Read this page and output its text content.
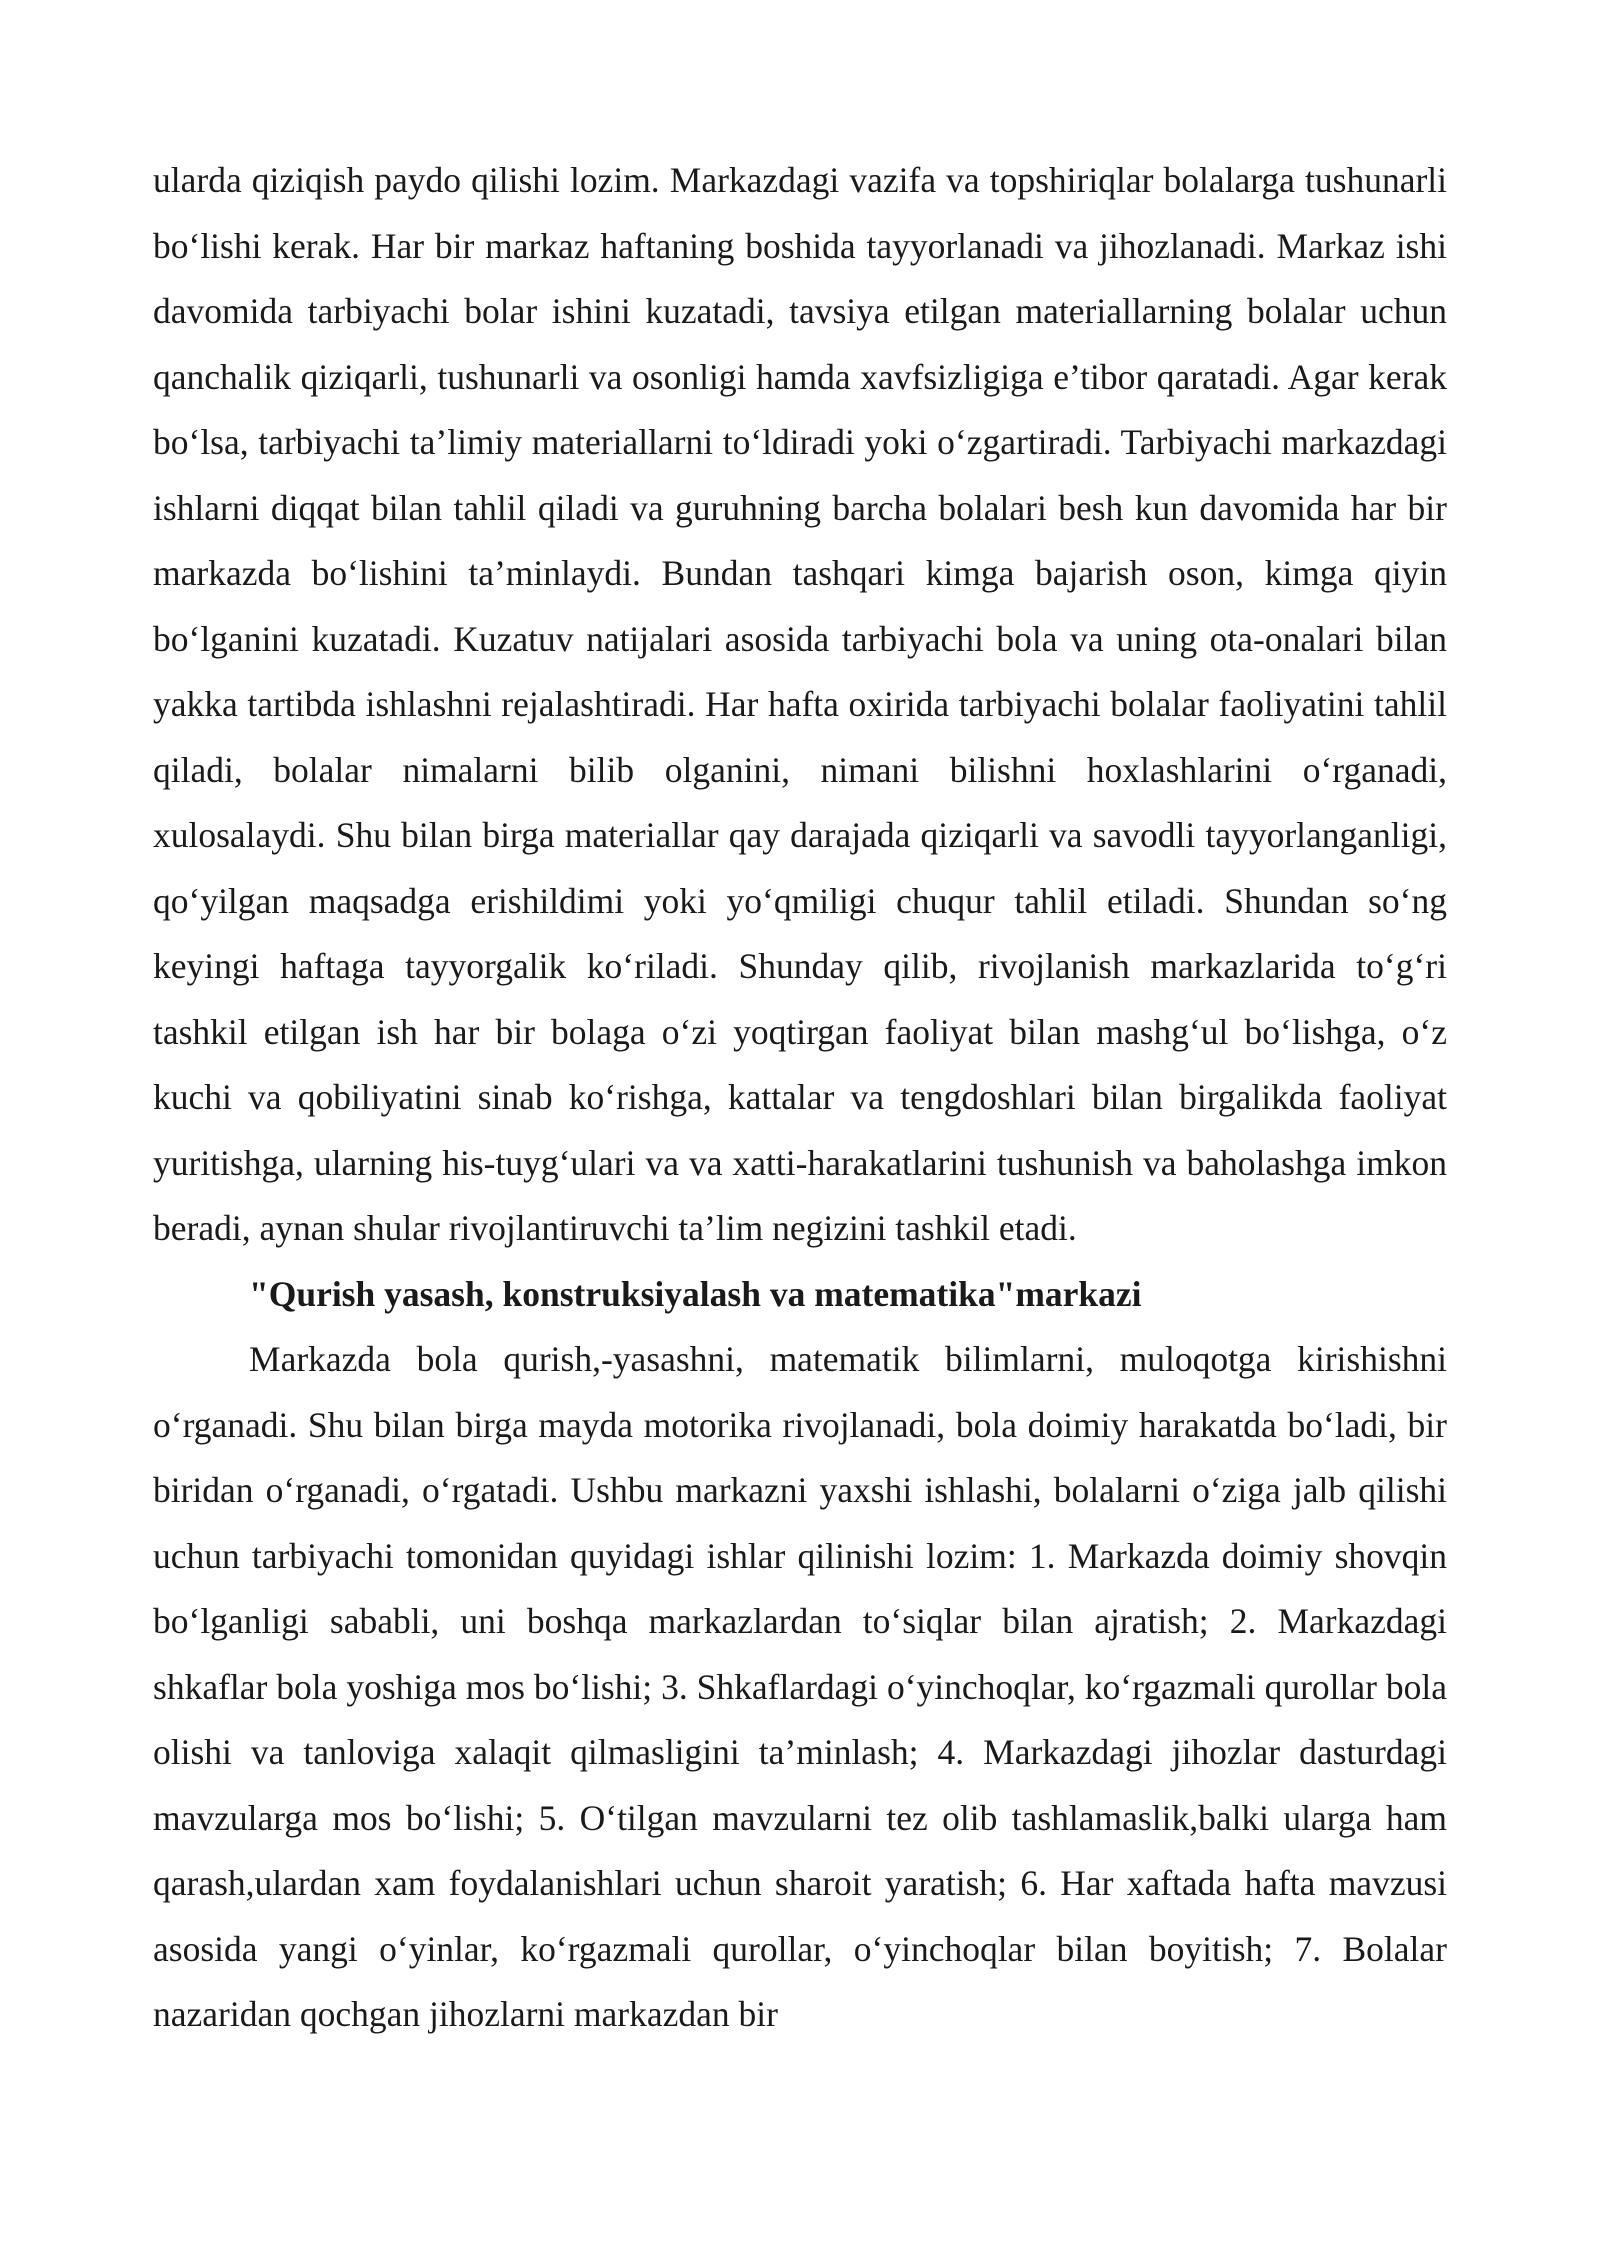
ularda qiziqish paydo qilishi lozim. Markazdagi vazifa va topshiriqlar bolalarga tushunarli bo‘lishi kerak. Har bir markaz haftaning boshida tayyorlanadi va jihozlanadi. Markaz ishi davomida tarbiyachi bolar ishini kuzatadi, tavsiya etilgan materiallarning bolalar uchun qanchalik qiziqarli, tushunarli va osonligi hamda xavfsizligiga e’tibor qaratadi. Agar kerak bo‘lsa, tarbiyachi ta’limiy materiallarni to‘ldiradi yoki o‘zgartiradi. Tarbiyachi markazdagi ishlarni diqqat bilan tahlil qiladi va guruhning barcha bolalari besh kun davomida har bir markazda bo‘lishini ta’minlaydi. Bundan tashqari kimga bajarish oson, kimga qiyin bo‘lganini kuzatadi. Kuzatuv natijalari asosida tarbiyachi bola va uning ota-onalari bilan yakka tartibda ishlashni rejalashtiradi. Har hafta oxirida tarbiyachi bolalar faoliyatini tahlil qiladi, bolalar nimalarni bilib olganini, nimani bilishni hoxlashlarini o‘rganadi, xulosalaydi. Shu bilan birga materiallar qay darajada qiziqarli va savodli tayyorlanganligi, qo‘yilgan maqsadga erishildimi yoki yo‘qmiligi chuqur tahlil etiladi. Shundan so‘ng keyingi haftaga tayyorgalik ko‘riladi. Shunday qilib, rivojlanish markazlarida to‘g‘ri tashkil etilgan ish har bir bolaga o‘zi yoqtirgan faoliyat bilan mashg‘ul bo‘lishga, o‘z kuchi va qobiliyatini sinab ko‘rishga, kattalar va tengdoshlari bilan birgalikda faoliyat yuritishga, ularning his-tuyg‘ulari va va xatti-harakatlarini tushunish va baholashga imkon beradi, aynan shular rivojlantiruvchi ta’lim negizini tashkil etadi.

"Qurish yasash, konstruksiyalash va matematika"markazi

Markazda bola qurish,-yasashni, matematik bilimlarni, muloqotga kirishishni o‘rganadi. Shu bilan birga mayda motorika rivojlanadi, bola doimiy harakatda bo‘ladi, bir biridan o‘rganadi, o‘rgatadi. Ushbu markazni yaxshi ishlashi, bolalarni o‘ziga jalb qilishi uchun tarbiyachi tomonidan quyidagi ishlar qilinishi lozim: 1. Markazda doimiy shovqin bo‘lganligi sababli, uni boshqa markazlardan to‘siqlar bilan ajratish; 2. Markazdagi shkaflar bola yoshiga mos bo‘lishi; 3. Shkaflardagi o‘yinchoqlar, ko‘rgazmali qurollar bola olishi va tanloviga xalaqit qilmasligini ta’minlash; 4. Markazdagi jihozlar dasturdagi mavzularga mos bo‘lishi; 5. O‘tilgan mavzularni tez olib tashlamaslik,balki ularga ham qarash,ulardan xam foydalanishlari uchun sharoit yaratish; 6. Har xaftada hafta mavzusi asosida yangi o‘yinlar, ko‘rgazmali qurollar, o‘yinchoqlar bilan boyitish; 7. Bolalar nazaridan qochgan jihozlarni markazdan bir
